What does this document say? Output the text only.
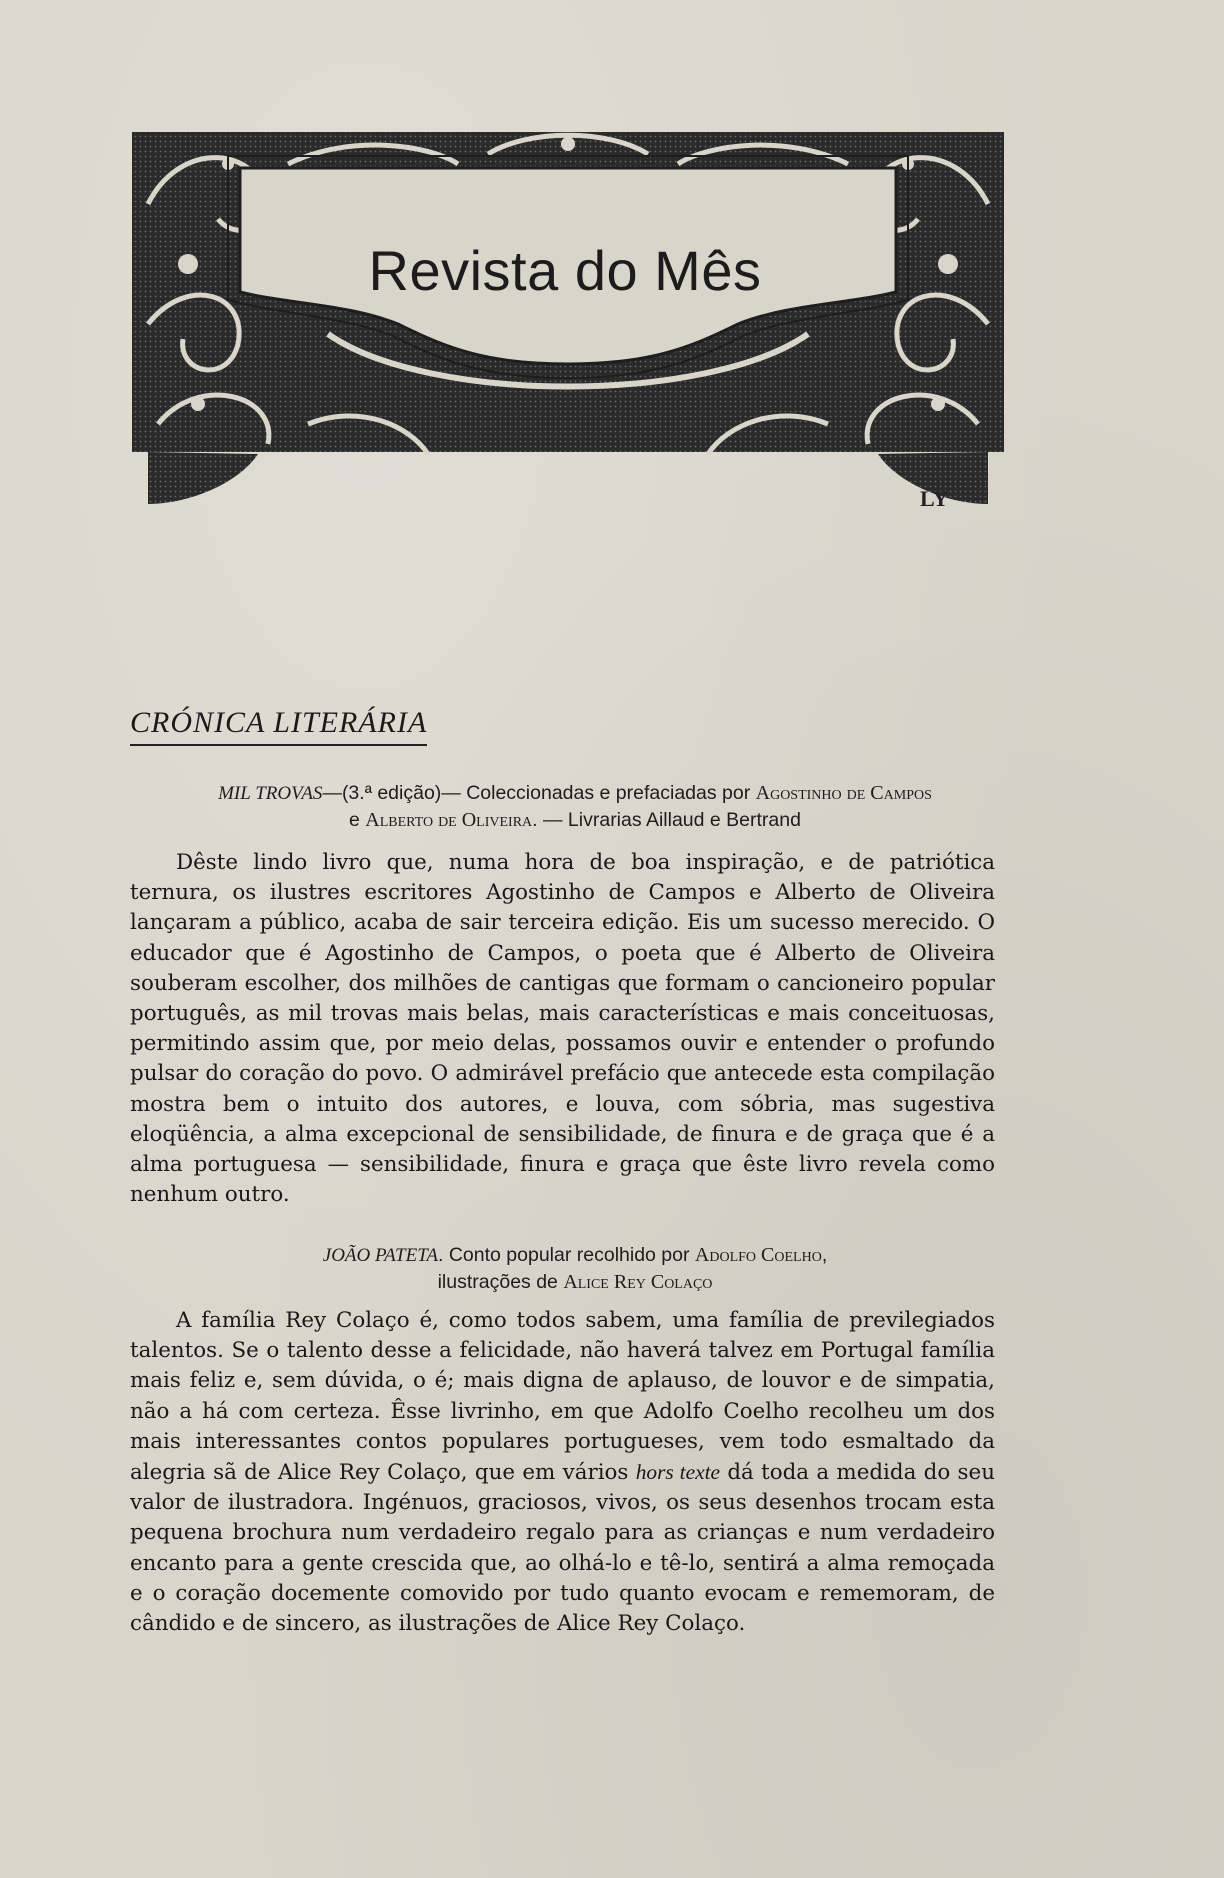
Revista do Mês
LY
CRÓNICA LITERÁRIA
MIL TROVAS—(3.ª edição)— Coleccionadas e prefaciadas por Agostinho de Campos
e Alberto de Oliveira. — Livrarias Aillaud e Bertrand

Dêste lindo livro que, numa hora de boa inspiração, e de patriótica ternura, os ilustres escritores Agostinho de Campos e Alberto de Oliveira lançaram a público, acaba de sair terceira edição. Eis um sucesso merecido. O educador que é Agostinho de Campos, o poeta que é Alberto de Oliveira souberam escolher, dos milhões de cantigas que formam o cancioneiro popular português, as mil trovas mais belas, mais características e mais conceituosas, permitindo assim que, por meio delas, possamos ouvir e entender o profundo pulsar do coração do povo. O admirável prefácio que antecede esta compilação mostra bem o intuito dos autores, e louva, com sóbria, mas sugestiva eloqüência, a alma excepcional de sensibilidade, de finura e de graça que é a alma portuguesa — sensibilidade, finura e graça que êste livro revela como nenhum outro.

JOÃO PATETA. Conto popular recolhido por Adolfo Coelho,
ilustrações de Alice Rey Colaço

A família Rey Colaço é, como todos sabem, uma família de previlegiados talentos. Se o talento desse a felicidade, não haverá talvez em Portugal família mais feliz e, sem dúvida, o é; mais digna de aplauso, de louvor e de simpatia, não a há com certeza. Êsse livrinho, em que Adolfo Coelho recolheu um dos mais interessantes contos populares portugueses, vem todo esmaltado da alegria sã de Alice Rey Colaço, que em vários hors texte dá toda a medida do seu valor de ilustradora. Ingénuos, graciosos, vivos, os seus desenhos trocam esta pequena brochura num verdadeiro regalo para as crianças e num verdadeiro encanto para a gente crescida que, ao olhá-lo e tê-lo, sentirá a alma remoçada e o coração docemente comovido por tudo quanto evocam e rememoram, de cândido e de sincero, as ilustrações de Alice Rey Colaço.
